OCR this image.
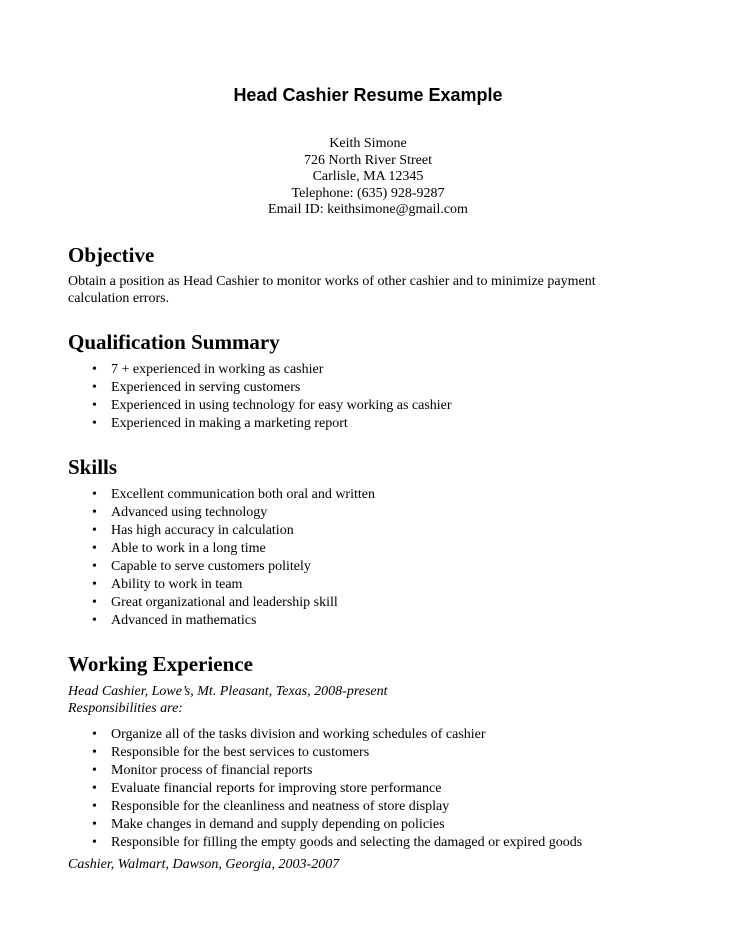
Head Cashier Resume Example
Keith Simone
726 North River Street
Carlisle, MA 12345
Telephone: (635) 928-9287
Email ID: keithsimone@gmail.com
Objective
Obtain a position as Head Cashier to monitor works of other cashier and to minimize payment
calculation errors.
Qualification Summary
• 7 + experienced in working as cashier
• Experienced in serving customers
• Experienced in using technology for easy working as cashier
• Experienced in making a marketing report
Skills
• Excellent communication both oral and written
• Advanced using technology
• Has high accuracy in calculation
• Able to work in a long time
• Capable to serve customers politely
• Ability to work in team
• Great organizational and leadership skill
• Advanced in mathematics
Working Experience
Head Cashier, Lowe’s, Mt. Pleasant, Texas, 2008-present
Responsibilities are:
• Organize all of the tasks division and working schedules of cashier
• Responsible for the best services to customers
• Monitor process of financial reports
• Evaluate financial reports for improving store performance
• Responsible for the cleanliness and neatness of store display
• Make changes in demand and supply depending on policies
• Responsible for filling the empty goods and selecting the damaged or expired goods
Cashier, Walmart, Dawson, Georgia, 2003-2007
